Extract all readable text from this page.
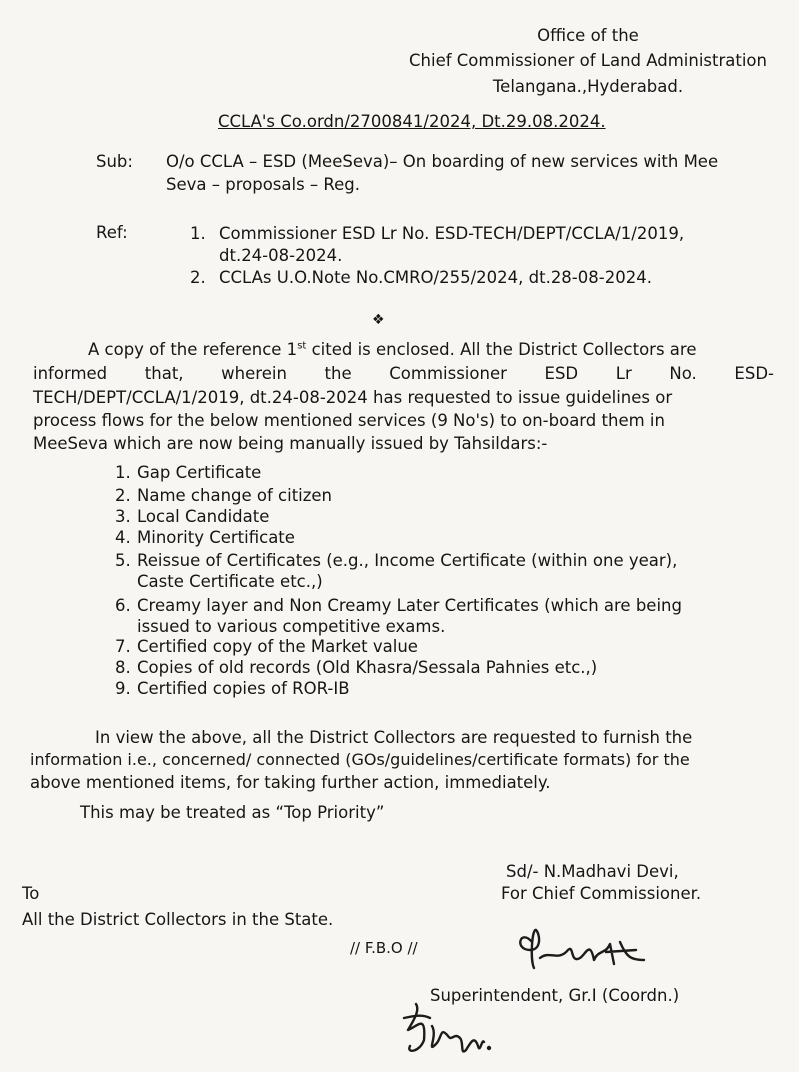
Office of the
Chief Commissioner of Land Administration
Telangana.,Hyderabad.
CCLA's Co.ordn/2700841/2024, Dt.29.08.2024.
Sub: O/o CCLA – ESD (MeeSeva)– On boarding of new services with Mee
Seva – proposals – Reg.
Ref:	1. Commissioner ESD Lr No. ESD-TECH/DEPT/CCLA/1/2019,
dt.24-08-2024.
2. CCLAs U.O.Note No.CMRO/255/2024, dt.28-08-2024.
❖
A copy of the reference 1st cited is enclosed. All the District Collectors are
informed that, wherein the Commissioner ESD Lr No. ESD-
TECH/DEPT/CCLA/1/2019, dt.24-08-2024 has requested to issue guidelines or
process flows for the below mentioned services (9 No's) to on-board them in
MeeSeva which are now being manually issued by Tahsildars:-
1. Gap Certificate
2. Name change of citizen
3. Local Candidate
4. Minority Certificate
5. Reissue of Certificates (e.g., Income Certificate (within one year),
Caste Certificate etc.,)
6. Creamy layer and Non Creamy Later Certificates (which are being
issued to various competitive exams.
7. Certified copy of the Market value
8. Copies of old records (Old Khasra/Sessala Pahnies etc.,)
9. Certified copies of ROR-IB
In view the above, all the District Collectors are requested to furnish the
information i.e., concerned/ connected (GOs/guidelines/certificate formats) for the
above mentioned items, for taking further action, immediately.
This may be treated as “Top Priority”
Sd/- N.Madhavi Devi,
For Chief Commissioner.
To
All the District Collectors in the State.
// F.B.O //
Superintendent, Gr.I (Coordn.)
